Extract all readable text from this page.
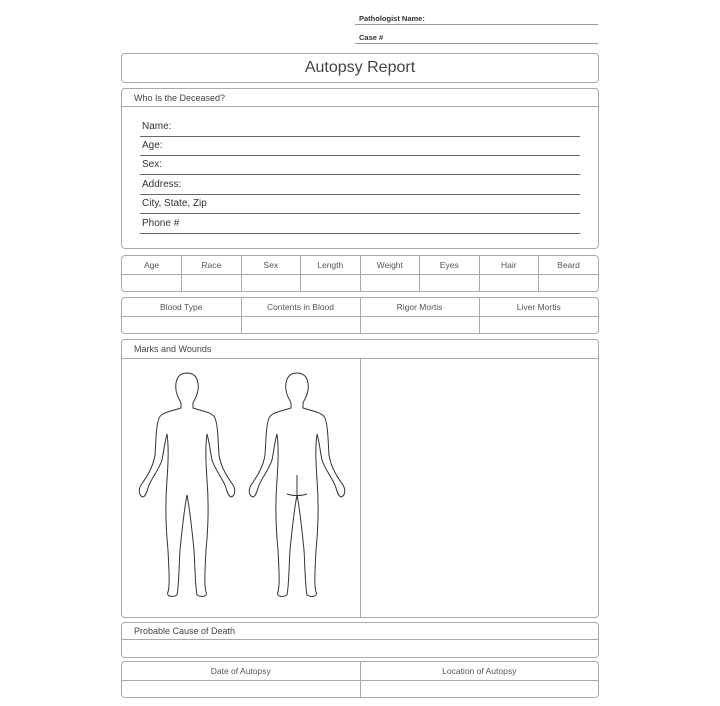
Pathologist Name:
Case #
Autopsy Report
Who Is the Deceased?
Name:
Age:
Sex:
Address:
City, State, Zip
Phone #
Age	Race	Sex	Length	Weight	Eyes	Hair	Beard

Blood Type	Contents in Blood	Rigor Mortis	Liver Mortis

Marks and Wounds
Probable Cause of Death
Date of Autopsy	Location of Autopsy
